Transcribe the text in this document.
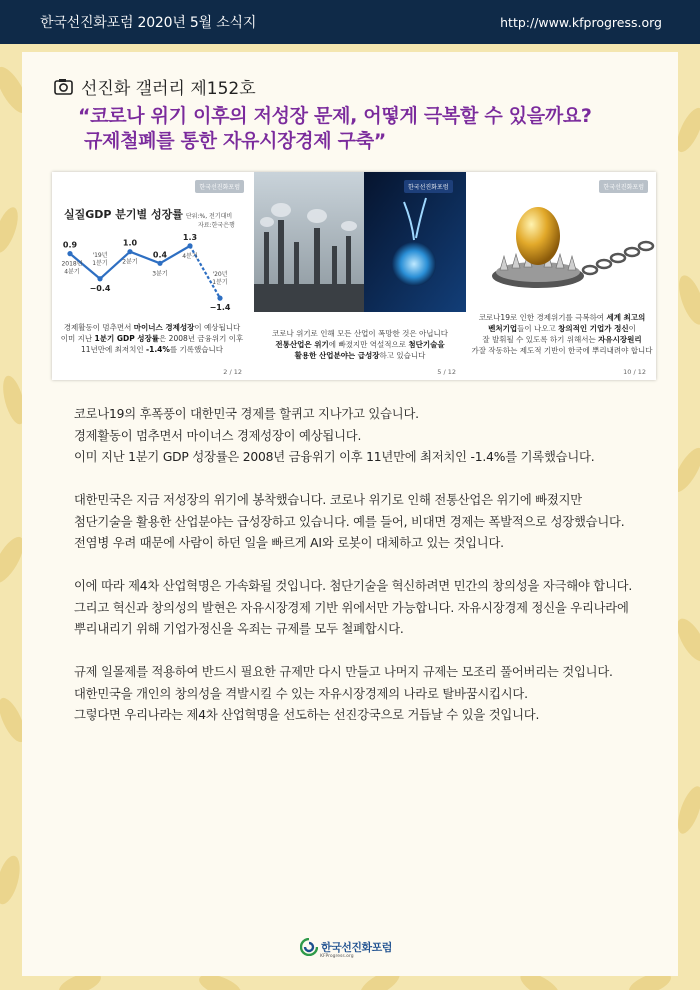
한국선진화포럼 2020년 5월 소식지	http://www.kfprogress.org
선진화 갤러리 제152호
“코로나 위기 이후의 저성장 문제, 어떻게 극복할 수 있을까요?
규제철폐를 통한 자유시장경제 구축”
한국선진화포럼
실질GDP 분기별 성장률 단위:%, 전기대비
자료:한국은행
0.9
2018년
4분기
−0.4
'19년
1분기
1.0
2분기
0.4
3분기
1.3
4분기
−1.4
'20년
1분기
경제활동이 멈추면서 마이너스 경제성장이 예상됩니다
이미 지난 1분기 GDP 성장률은 2008년 금융위기 이후
11년만에 최저치인 -1.4%를 기록했습니다
2 / 12
한국선진화포럼
코로나 위기로 인해 모든 산업이 폭망한 것은 아닙니다
전통산업은 위기에 빠졌지만 역설적으로 첨단기술을
활용한 산업분야는 급성장하고 있습니다
5 / 12
한국선진화포럼
코로나19로 인한 경제위기를 극복하여 세계 최고의
벤처기업들이 나오고 창의적인 기업가 정신이
잘 발휘될 수 있도록 하기 위해서는 자유시장원리
가잘 작동하는 제도적 기반이 한국에 뿌리내려야 합니다
10 / 12

코로나19의 후폭풍이 대한민국 경제를 할퀴고 지나가고 있습니다.
경제활동이 멈추면서 마이너스 경제성장이 예상됩니다.
이미 지난 1분기 GDP 성장률은 2008년 금융위기 이후 11년만에 최저치인 -1.4%를 기록했습니다.

대한민국은 지금 저성장의 위기에 봉착했습니다. 코로나 위기로 인해 전통산업은 위기에 빠졌지만
첨단기술을 활용한 산업분야는 급성장하고 있습니다. 예를 들어, 비대면 경제는 폭발적으로 성장했습니다.
전염병 우려 때문에 사람이 하던 일을 빠르게 AI와 로봇이 대체하고 있는 것입니다.

이에 따라 제4차 산업혁명은 가속화될 것입니다. 첨단기술을 혁신하려면 민간의 창의성을 자극해야 합니다.
그리고 혁신과 창의성의 발현은 자유시장경제 기반 위에서만 가능합니다. 자유시장경제 정신을 우리나라에
뿌리내리기 위해 기업가정신을 옥죄는 규제를 모두 철폐합시다.

규제 일몰제를 적용하여 반드시 필요한 규제만 다시 만들고 나머지 규제는 모조리 풀어버리는 것입니다.
대한민국을 개인의 창의성을 격발시킬 수 있는 자유시장경제의 나라로 탈바꿈시킵시다.
그렇다면 우리나라는 제4차 산업혁명을 선도하는 선진강국으로 거듭날 수 있을 것입니다.

한국선진화포럼
KFProgress.org
